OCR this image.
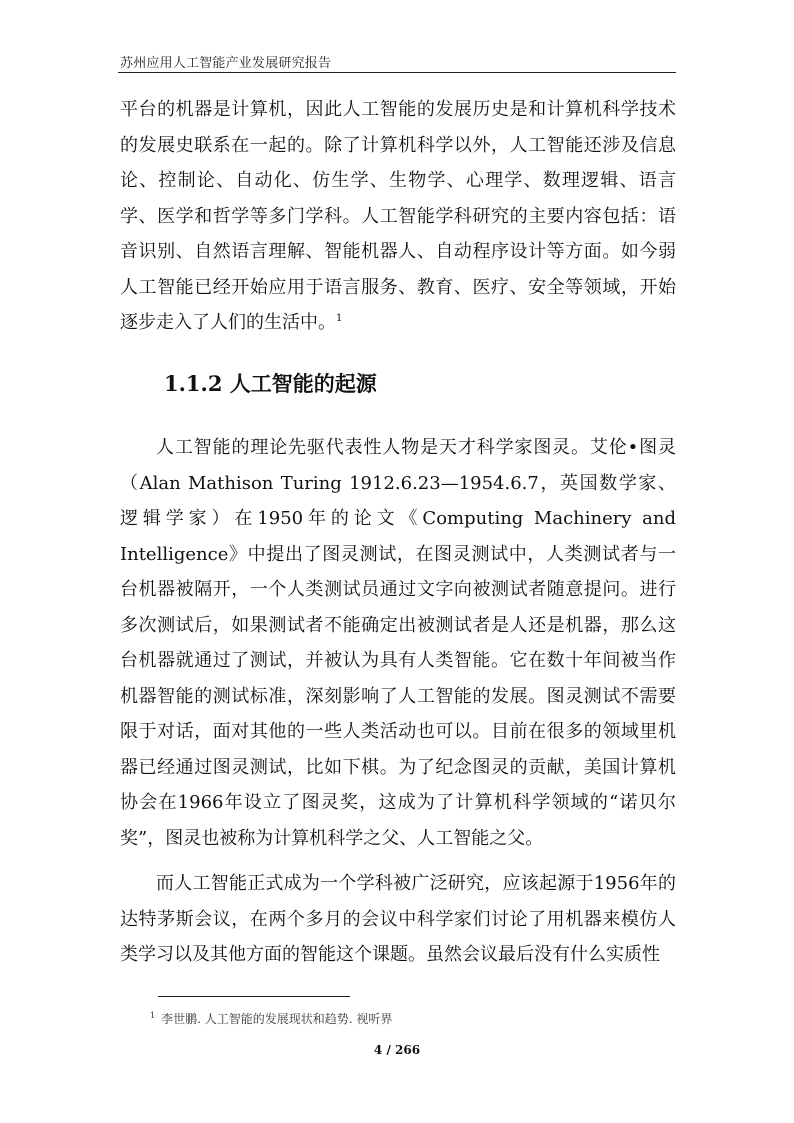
苏州应用人工智能产业发展研究报告

平台的机器是计算机，因此人工智能的发展历史是和计算机科学技术的发展史联系在一起的。除了计算机科学以外，人工智能还涉及信息论、控制论、自动化、仿生学、生物学、心理学、数理逻辑、语言学、医学和哲学等多门学科。人工智能学科研究的主要内容包括：语音识别、自然语言理解、智能机器人、自动程序设计等方面。如今弱人工智能已经开始应用于语言服务、教育、医疗、安全等领域，开始逐步走入了人们的生活中。$^1$

1.1.2 人工智能的起源

人工智能的理论先驱代表性人物是天才科学家图灵。艾伦•图灵（Alan Mathison Turing 1912.6.23—1954.6.7，英国数学家、逻辑学家）在1950年的论文《Computing Machinery and Intelligence》中提出了图灵测试，在图灵测试中，人类测试者与一台机器被隔开，一个人类测试员通过文字向被测试者随意提问。进行多次测试后，如果测试者不能确定出被测试者是人还是机器，那么这台机器就通过了测试，并被认为具有人类智能。它在数十年间被当作机器智能的测试标准，深刻影响了人工智能的发展。图灵测试不需要限于对话，面对其他的一些人类活动也可以。目前在很多的领域里机器已经通过图灵测试，比如下棋。为了纪念图灵的贡献，美国计算机协会在1966年设立了图灵奖，这成为了计算机科学领域的“诺贝尔奖”，图灵也被称为计算机科学之父、人工智能之父。

而人工智能正式成为一个学科被广泛研究，应该起源于1956年的达特茅斯会议，在两个多月的会议中科学家们讨论了用机器来模仿人类学习以及其他方面的智能这个课题。虽然会议最后没有什么实质性

$^1$ 李世鹏. 人工智能的发展现状和趋势. 视听界
4 / 266
